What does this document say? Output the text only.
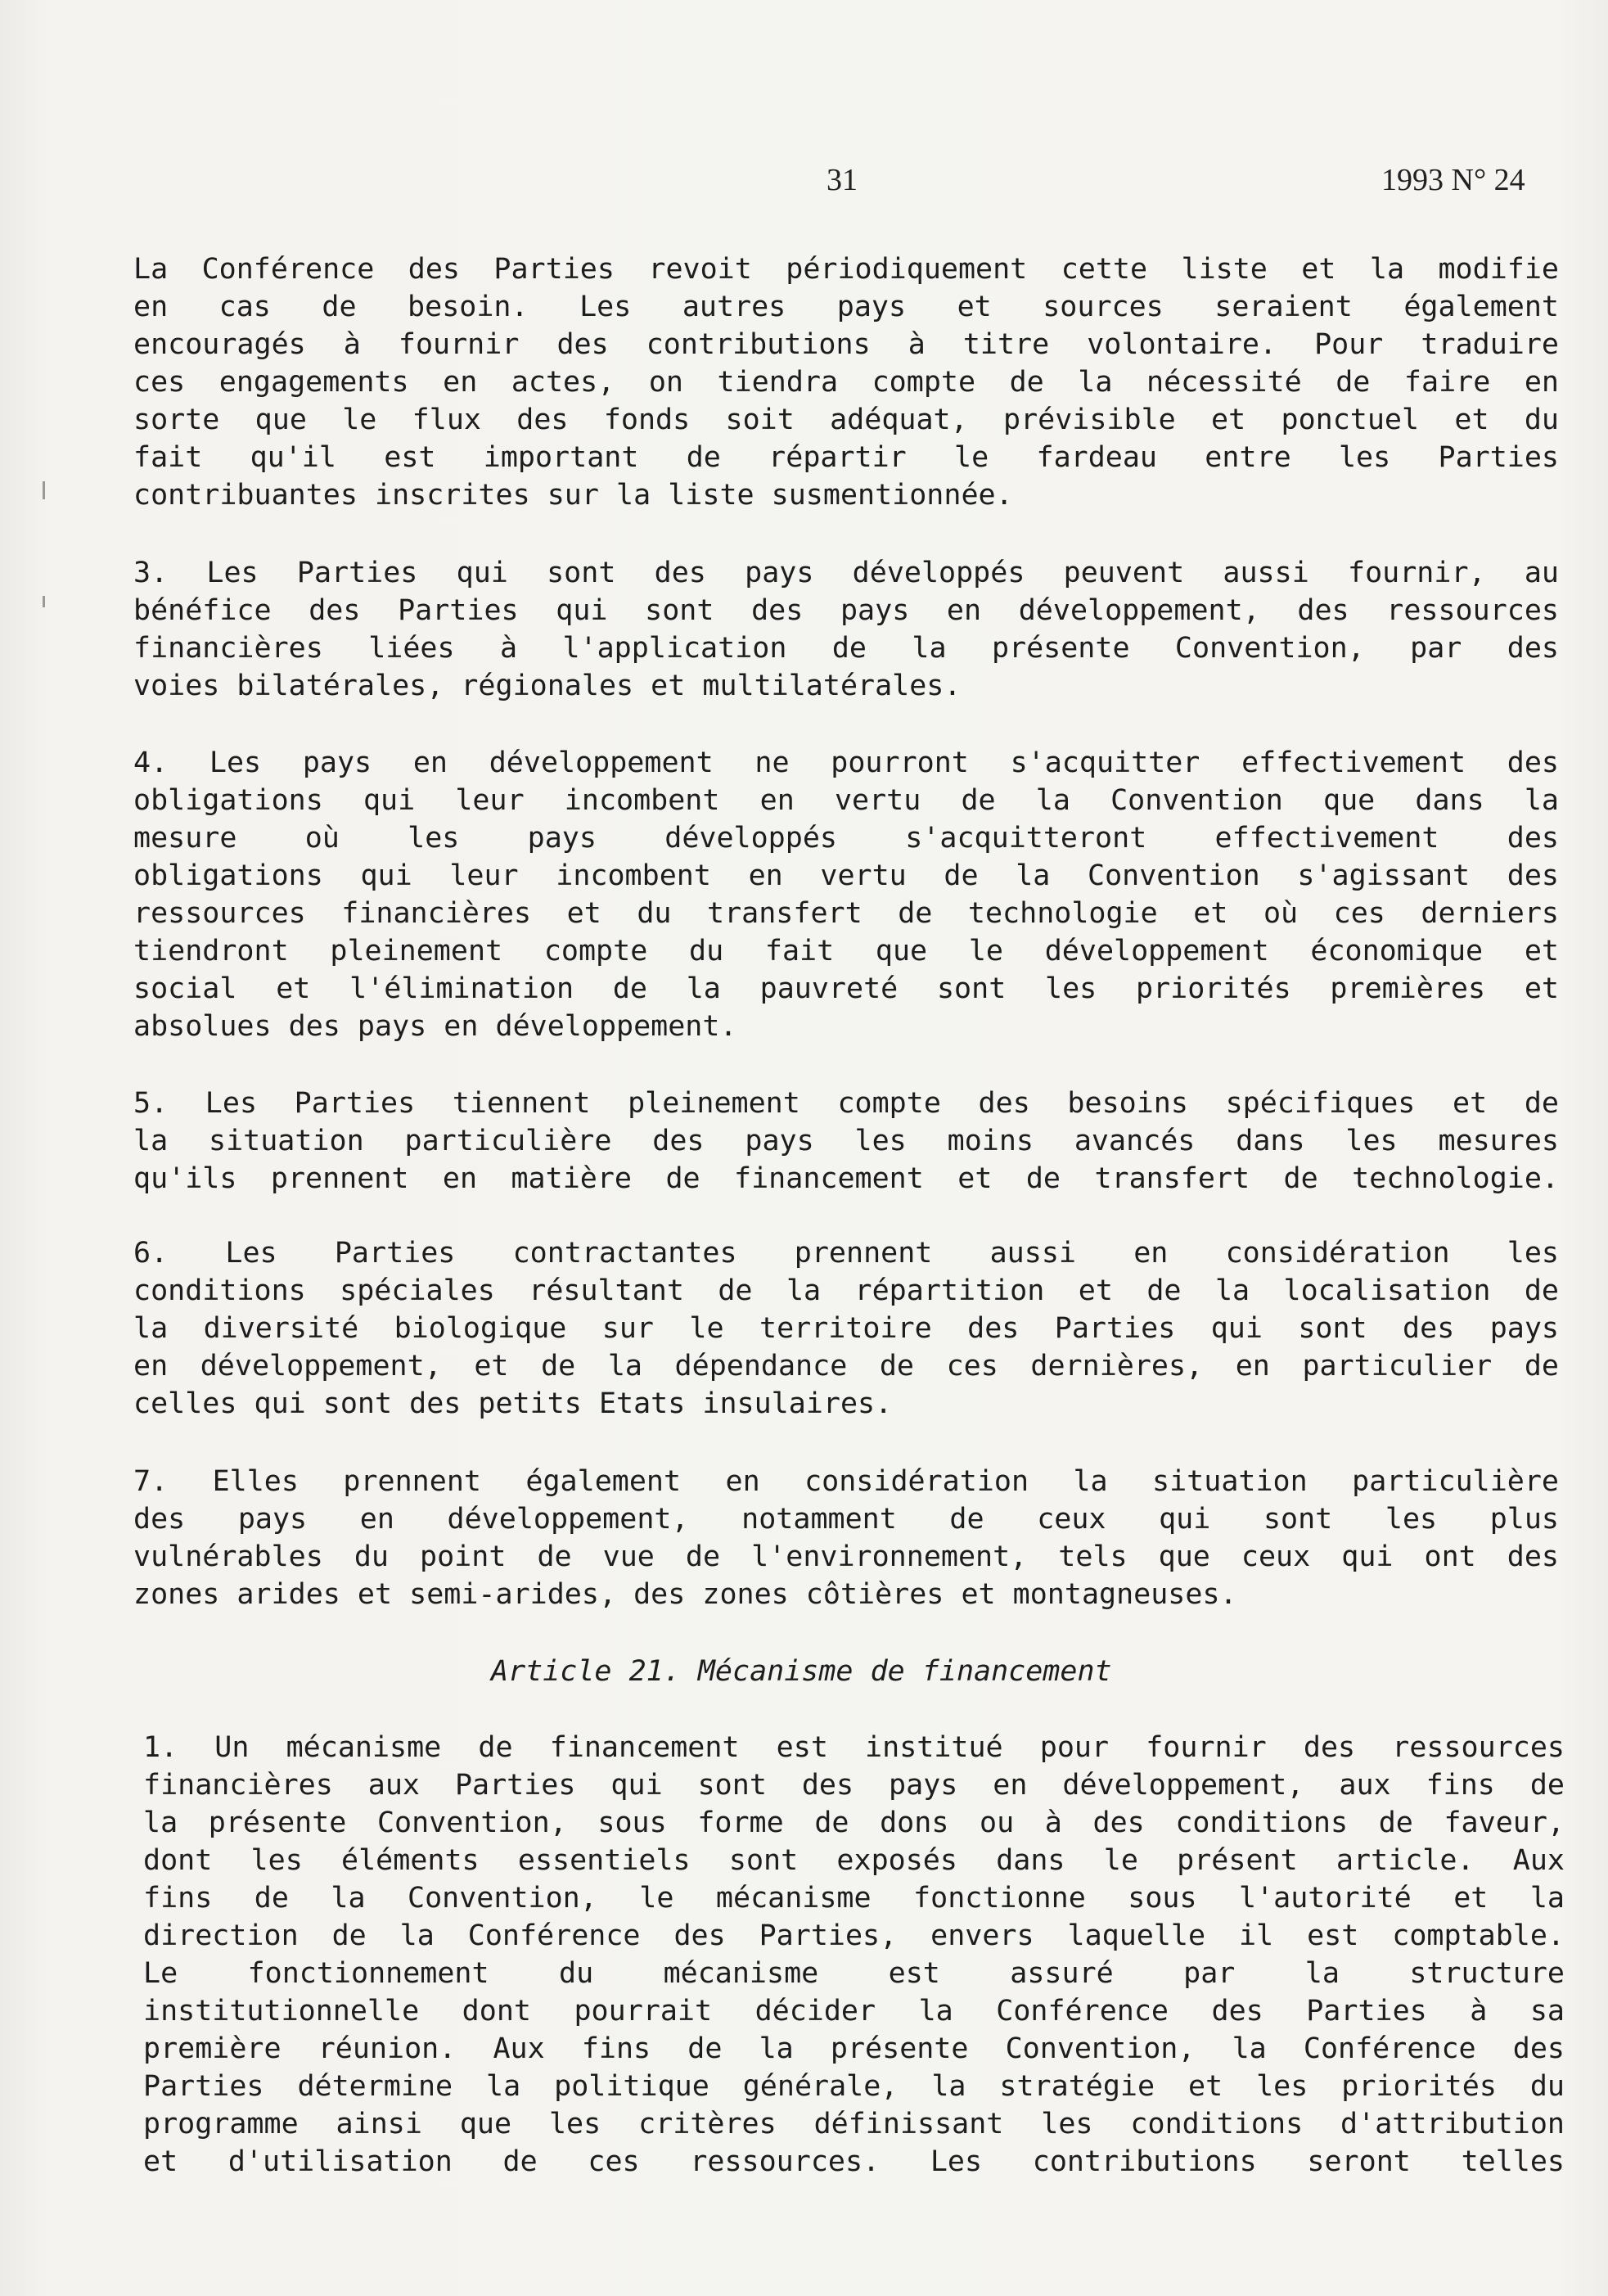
31	1993 N° 24
La Conférence des Parties revoit périodiquement cette liste et la modifie
en cas de besoin. Les autres pays et sources seraient également
encouragés à fournir des contributions à titre volontaire. Pour traduire
ces engagements en actes, on tiendra compte de la nécessité de faire en
sorte que le flux des fonds soit adéquat, prévisible et ponctuel et du
fait qu'il est important de répartir le fardeau entre les Parties
contribuantes inscrites sur la liste susmentionnée.
3. Les Parties qui sont des pays développés peuvent aussi fournir, au
bénéfice des Parties qui sont des pays en développement, des ressources
financières liées à l'application de la présente Convention, par des
voies bilatérales, régionales et multilatérales.
4. Les pays en développement ne pourront s'acquitter effectivement des
obligations qui leur incombent en vertu de la Convention que dans la
mesure où les pays développés s'acquitteront effectivement des
obligations qui leur incombent en vertu de la Convention s'agissant des
ressources financières et du transfert de technologie et où ces derniers
tiendront pleinement compte du fait que le développement économique et
social et l'élimination de la pauvreté sont les priorités premières et
absolues des pays en développement.
5. Les Parties tiennent pleinement compte des besoins spécifiques et de
la situation particulière des pays les moins avancés dans les mesures
qu'ils prennent en matière de financement et de transfert de technologie.
6. Les Parties contractantes prennent aussi en considération les
conditions spéciales résultant de la répartition et de la localisation de
la diversité biologique sur le territoire des Parties qui sont des pays
en développement, et de la dépendance de ces dernières, en particulier de
celles qui sont des petits Etats insulaires.
7. Elles prennent également en considération la situation particulière
des pays en développement, notamment de ceux qui sont les plus
vulnérables du point de vue de l'environnement, tels que ceux qui ont des
zones arides et semi-arides, des zones côtières et montagneuses.
Article 21. Mécanisme de financement
1. Un mécanisme de financement est institué pour fournir des ressources
financières aux Parties qui sont des pays en développement, aux fins de
la présente Convention, sous forme de dons ou à des conditions de faveur,
dont les éléments essentiels sont exposés dans le présent article. Aux
fins de la Convention, le mécanisme fonctionne sous l'autorité et la
direction de la Conférence des Parties, envers laquelle il est comptable.
Le fonctionnement du mécanisme est assuré par la structure
institutionnelle dont pourrait décider la Conférence des Parties à sa
première réunion. Aux fins de la présente Convention, la Conférence des
Parties détermine la politique générale, la stratégie et les priorités du
programme ainsi que les critères définissant les conditions d'attribution
et d'utilisation de ces ressources. Les contributions seront telles
